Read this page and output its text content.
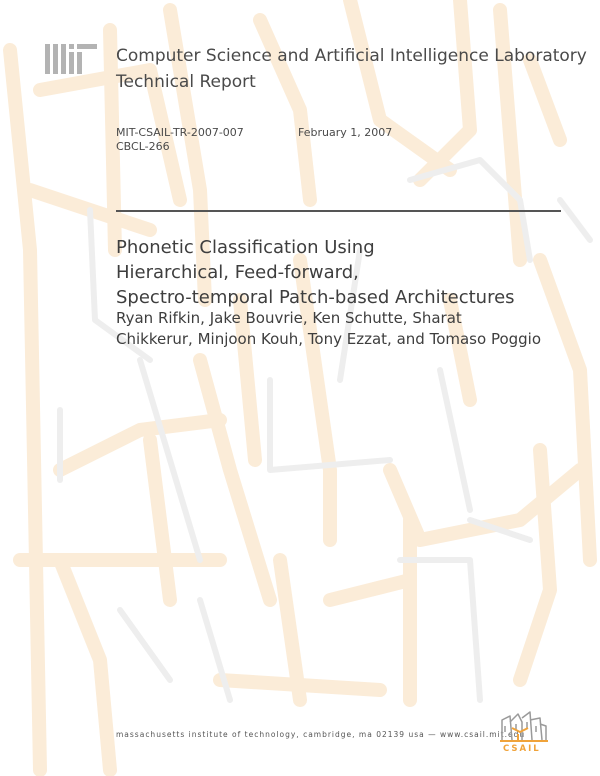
Computer Science and Artificial Intelligence Laboratory
Technical Report
MIT-CSAIL-TR-2007-007
CBCL-266
February 1, 2007
Phonetic Classification Using
Hierarchical, Feed-forward,
Spectro-temporal Patch-based Architectures
Ryan Rifkin, Jake Bouvrie, Ken Schutte, Sharat
Chikkerur, Minjoon Kouh, Tony Ezzat, and Tomaso Poggio
massachusetts institute of technology, cambridge, ma 02139 usa — www.csail.mit.edu
CSAIL
